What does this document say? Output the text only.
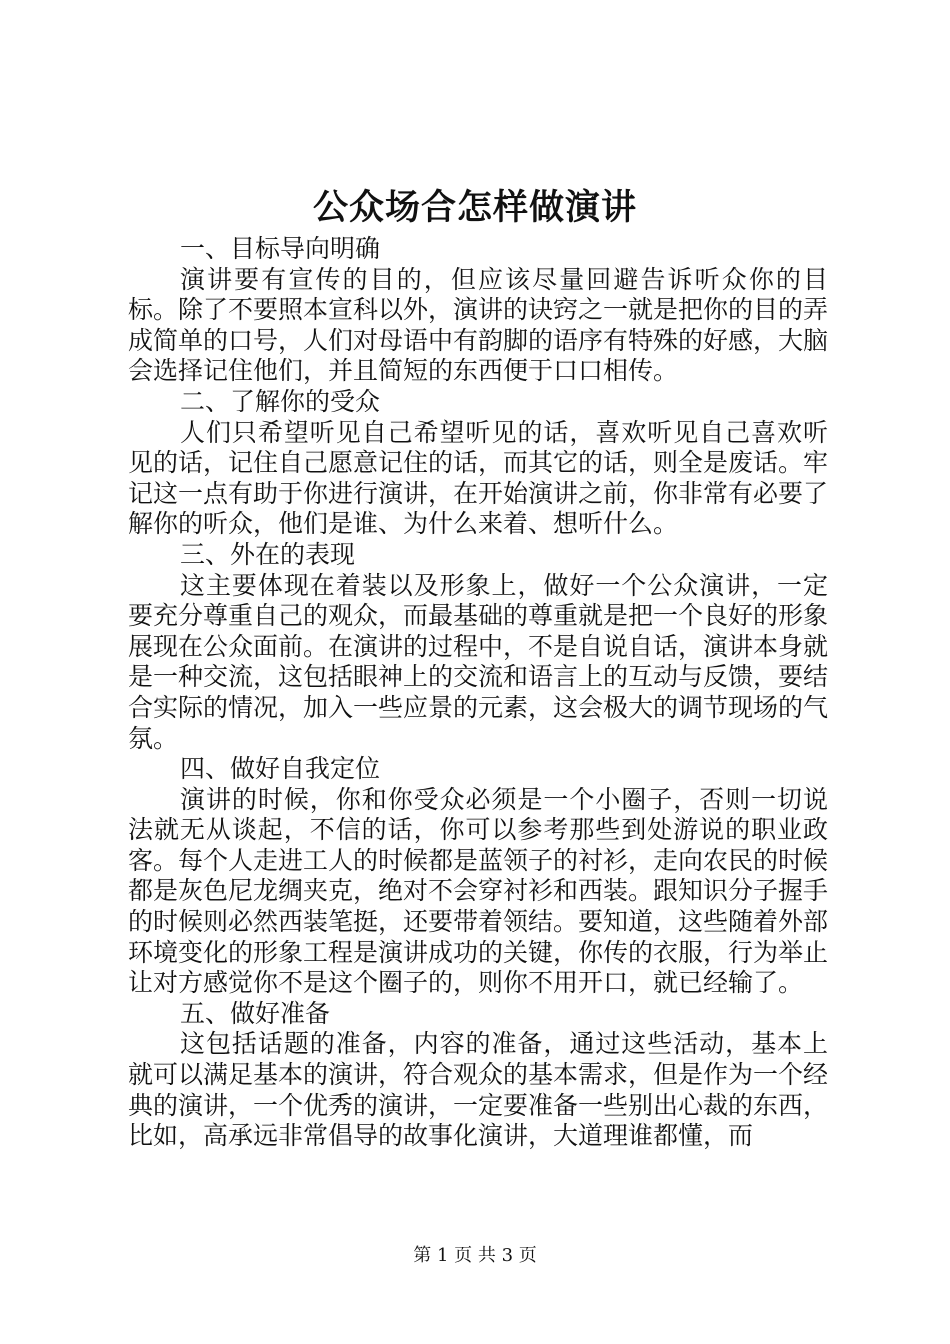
公众场合怎样做演讲

一、目标导向明确

演讲要有宣传的目的，但应该尽量回避告诉听众你的目标。除了不要照本宣科以外，演讲的诀窍之一就是把你的目的弄成简单的口号，人们对母语中有韵脚的语序有特殊的好感，大脑会选择记住他们，并且简短的东西便于口口相传。

二、了解你的受众

人们只希望听见自己希望听见的话，喜欢听见自己喜欢听见的话，记住自己愿意记住的话，而其它的话，则全是废话。牢记这一点有助于你进行演讲，在开始演讲之前，你非常有必要了解你的听众，他们是谁、为什么来着、想听什么。

三、外在的表现

这主要体现在着装以及形象上，做好一个公众演讲，一定要充分尊重自己的观众，而最基础的尊重就是把一个良好的形象展现在公众面前。在演讲的过程中，不是自说自话，演讲本身就是一种交流，这包括眼神上的交流和语言上的互动与反馈，要结合实际的情况，加入一些应景的元素，这会极大的调节现场的气氛。

四、做好自我定位

演讲的时候，你和你受众必须是一个小圈子，否则一切说法就无从谈起，不信的话，你可以参考那些到处游说的职业政客。每个人走进工人的时候都是蓝领子的衬衫，走向农民的时候都是灰色尼龙绸夹克，绝对不会穿衬衫和西装。跟知识分子握手的时候则必然西装笔挺，还要带着领结。要知道，这些随着外部环境变化的形象工程是演讲成功的关键，你传的衣服，行为举止让对方感觉你不是这个圈子的，则你不用开口，就已经输了。

五、做好准备

这包括话题的准备，内容的准备，通过这些活动，基本上就可以满足基本的演讲，符合观众的基本需求，但是作为一个经典的演讲，一个优秀的演讲，一定要准备一些别出心裁的东西，比如，高承远非常倡导的故事化演讲，大道理谁都懂，而

第 1 页 共 3 页
